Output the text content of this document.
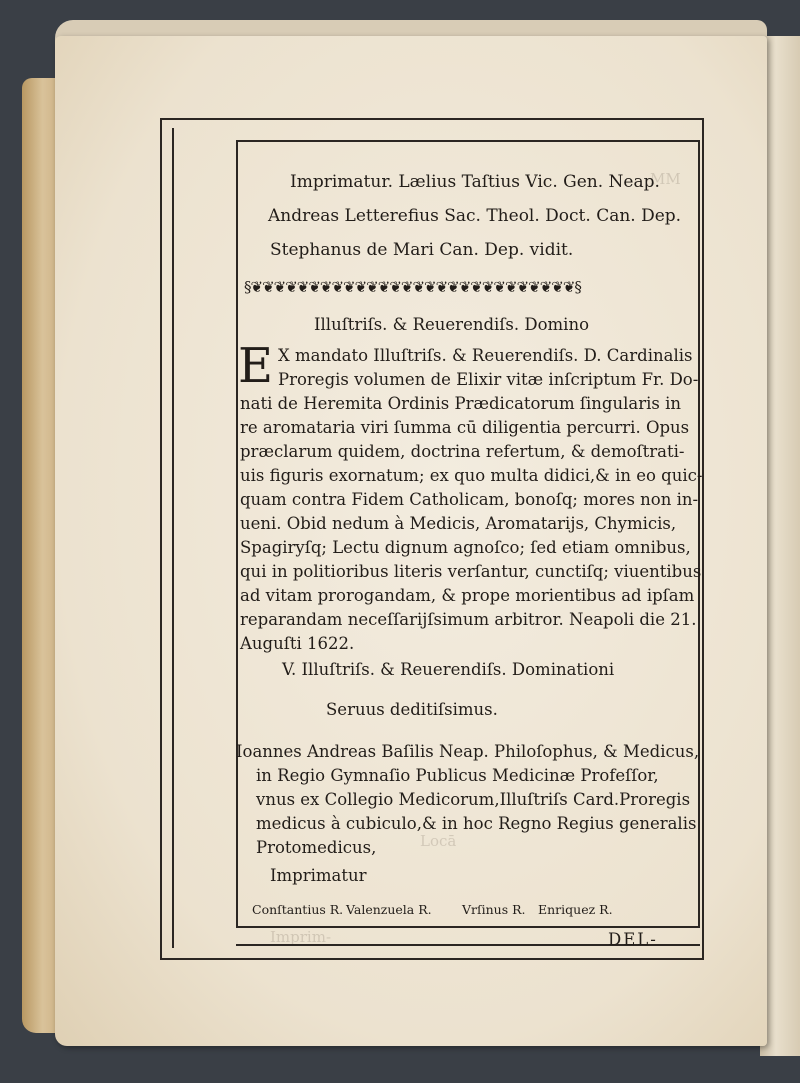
Imprim-
Locā
MM
Imprimatur. Lælius Taſtius Vic. Gen. Neap.
Andreas Letterefius Sac. Theol. Doct. Can. Dep.
Stephanus de Mari Can. Dep. vidit.
§❦❦❦❦❦❦❦❦❦❦❦❦❦❦❦❦❦❦❦❦❦❦❦❦❦❦❦❦§
Illuſtriſs. & Reuerendiſs. Domino
E X mandato Illuſtriſs. & Reuerendiſs. D. Cardinalis
Proregis volumen de Elixir vitæ inſcriptum Fr. Do-
nati de Heremita Ordinis Prædicatorum ſingularis in
re aromataria viri ſumma cū diligentia percurri. Opus
præclarum quidem, doctrina refertum, & demoſtrati-
uis figuris exornatum; ex quo multa didici,& in eo quic-
quam contra Fidem Catholicam, bonoſq; mores non in-
ueni. Obid nedum à Medicis, Aromatarijs, Chymicis,
Spagiryſq; Lectu dignum agnoſco; ſed etiam omnibus,
qui in politioribus literis verſantur, cunctiſq; viuentibus
ad vitam prorogandam, & prope morientibus ad ipſam
reparandam neceſſarijſsimum arbitror. Neapoli die 21.
Auguſti 1622.
V. Illuſtriſs. & Reuerendiſs. Dominationi
Seruus deditiſsimus.
Ioannes Andreas Baſilis Neap. Philoſophus, & Medicus,
in Regio Gymnaſio Publicus Medicinæ Profeſſor,
vnus ex Collegio Medicorum,Illuſtriſs Card.Proregis
medicus à cubiculo,& in hoc Regno Regius generalis
Protomedicus,
Imprimatur
Conſtantius R. Valenzuela R. Vrſinus R. Enriquez R.
DEL-
